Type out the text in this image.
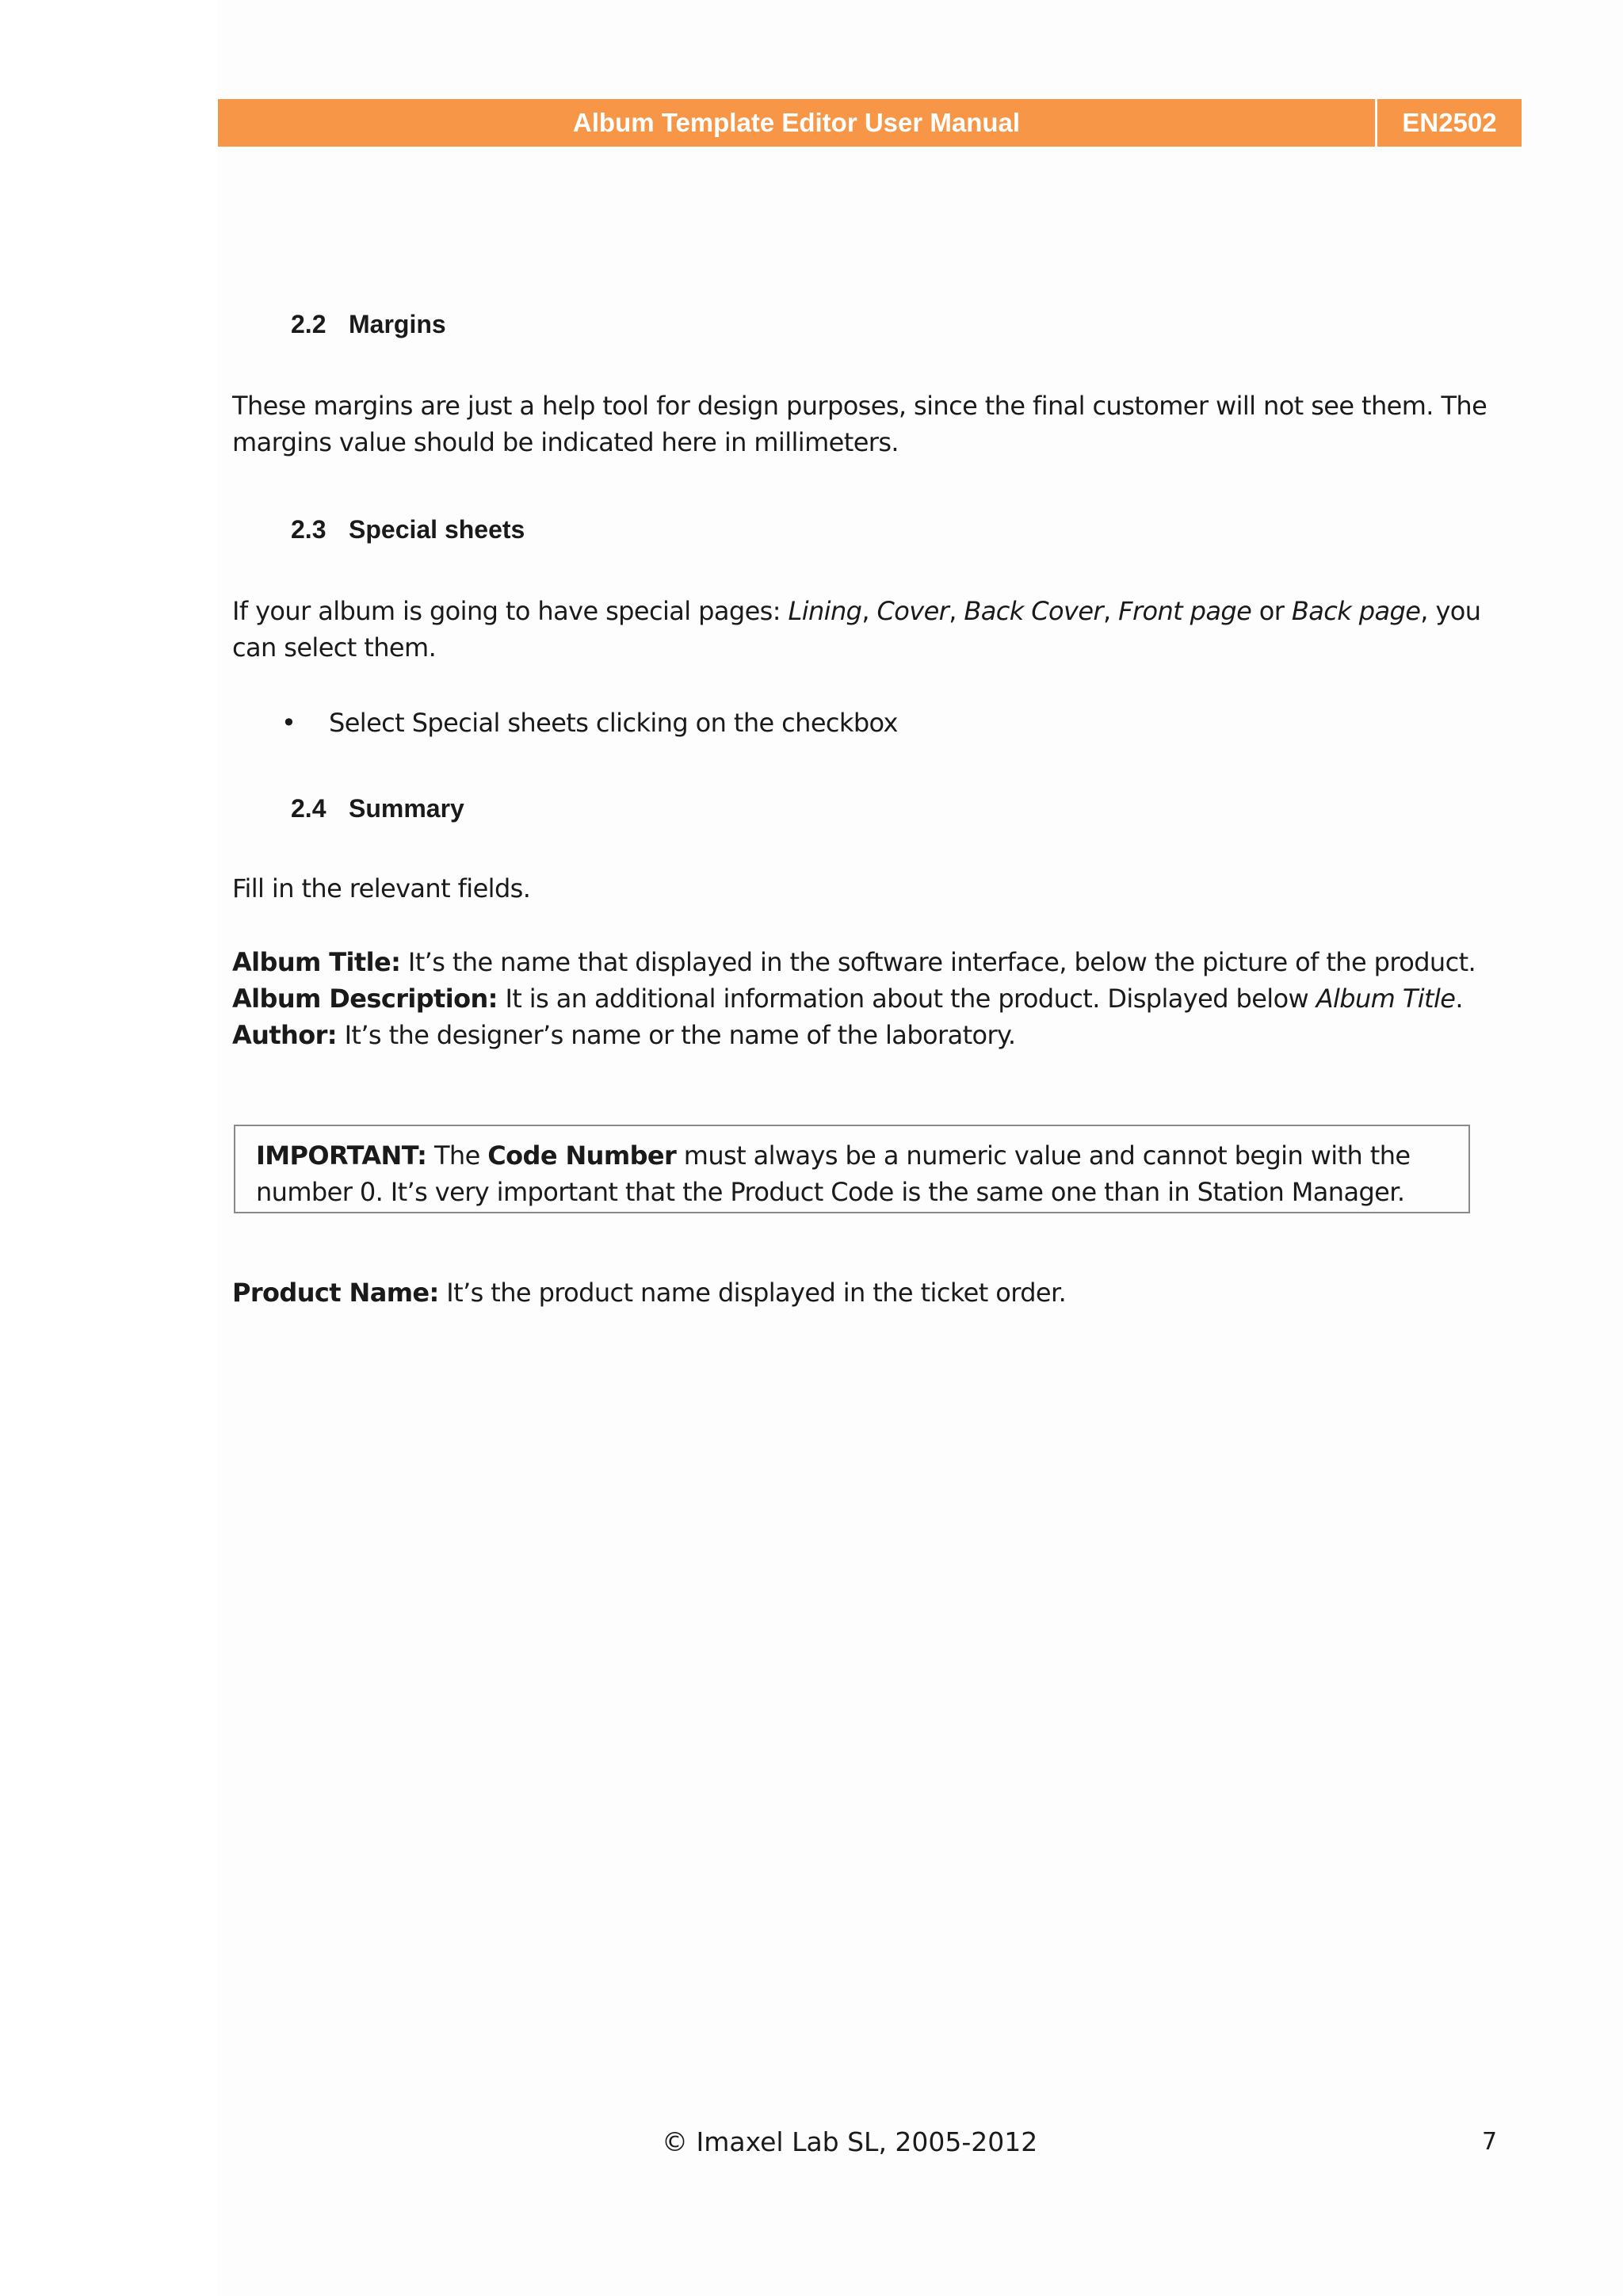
Album Template Editor User Manual	EN2502
2.2 Margins

These margins are just a help tool for design purposes, since the final customer will not see them. The margins value should be indicated here in millimeters.

2.3 Special sheets

If your album is going to have special pages: Lining, Cover, Back Cover, Front page or Back page, you can select them.

• Select Special sheets clicking on the checkbox
2.4 Summary

Fill in the relevant fields.

Album Title: It’s the name that displayed in the software interface, below the picture of the product.
Album Description: It is an additional information about the product. Displayed below Album Title.
Author: It’s the designer’s name or the name of the laboratory.

IMPORTANT: The Code Number must always be a numeric value and cannot begin with the number 0. It’s very important that the Product Code is the same one than in Station Manager.

Product Name: It’s the product name displayed in the ticket order.

© Imaxel Lab SL, 2005-2012	7
